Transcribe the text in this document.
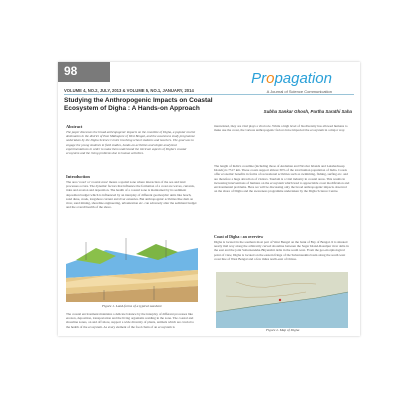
98	Propagation
A Journal of Science Communication
VOLUME 4, NO.2, JULY, 2013 & VOLUME 5, NO.1, JANUARY, 2014
Studying the Anthropogenic Impacts on Coastal Ecosystem of Digha : A Hands-on Approach	Subha Sankar Ghosh, Partha Sarathi Saha
Abstract
The paper discusses the broad anthropogenic impacts on the coastline of Digha, a popular tourist destination in the district of East Midnapore of West Bengal, and the awareness study programme undertaken by the Digha Science Centre involving school students and teachers. The goal was to engage the young students in field studies, hands-on activities and simple analytical experimentations in order to make them understand the intricate aspects of Digha's coastal ecosystem and the rising problems due to human activities.
Introduction
The area 'coast' or 'coastal zone' means a spatial zone where interaction of the sea and land processes occurs. The dynamic factors that influence the formation of a coast are waves, currents, tides and erosion and deposition. The health of a coastal zone is maintained by its sediment deposition budget which is influenced by an interplay of different geomorphic units like beach, sand dune, creek, longshore current and river estuaries. But anthropogenic activities like dam on river, sand mining, shoreline engineering, urbanization etc. can adversely alter the sediment budget and the overall health of the shore.
Figure 1. Land-forms of a typical seashore
The coastal environment maintains a delicate balance by the interplay of different processes like erosion, deposition, transportation and the living organisms residing in the zone. The coastal and shoreline zones, on and off shore, support a wide diversity of plants, animals which are crucial to the health of the ecosystem. As every element of the food chain of an ecosystem is
interrelated, they are vital plays a vital role. While a high level of biodiversity has allowed humans to make use the coast, the various anthropogenic factors have impacted the ecosystem in a major way.
The length of India's coastline (including those of Andaman and Nicobar Islands and Lakshadweep Islands) is 7517 km. These coasts support almost 30% of the total human population of India. Coasts offer economic benefits in forms of recreational activities such as swimming, fishing, surfing etc. and are therefore a huge attraction of visitors. Tourism is a vital industry in coastal areas. This results in increasing interventions of humans on the ecosystem which lead to appreciable coast modification and environmental problems. Here we will be discussing only the broad anthropogenic impacts observed on the shore of Digha and the awareness programme undertaken by the Digha Science Centre.
Coast of Digha : an overview
Digha is located in the southern most part of West Bengal on the bank of Bay of Bengal. It is situated nearly mid way along the arbitrarily curved shoreline between the Sagar Island-Rasulpur river delta in the east and the joint Subarnarekha-Bhyenshri delta in the south west. From the geo-morphological point of view, Digha is located on the eastern fringe of the Subarnarekha basin along the south west coast line of West Bengal and a few miles north-east of Orissa.
Figure 2. Map of Digha
